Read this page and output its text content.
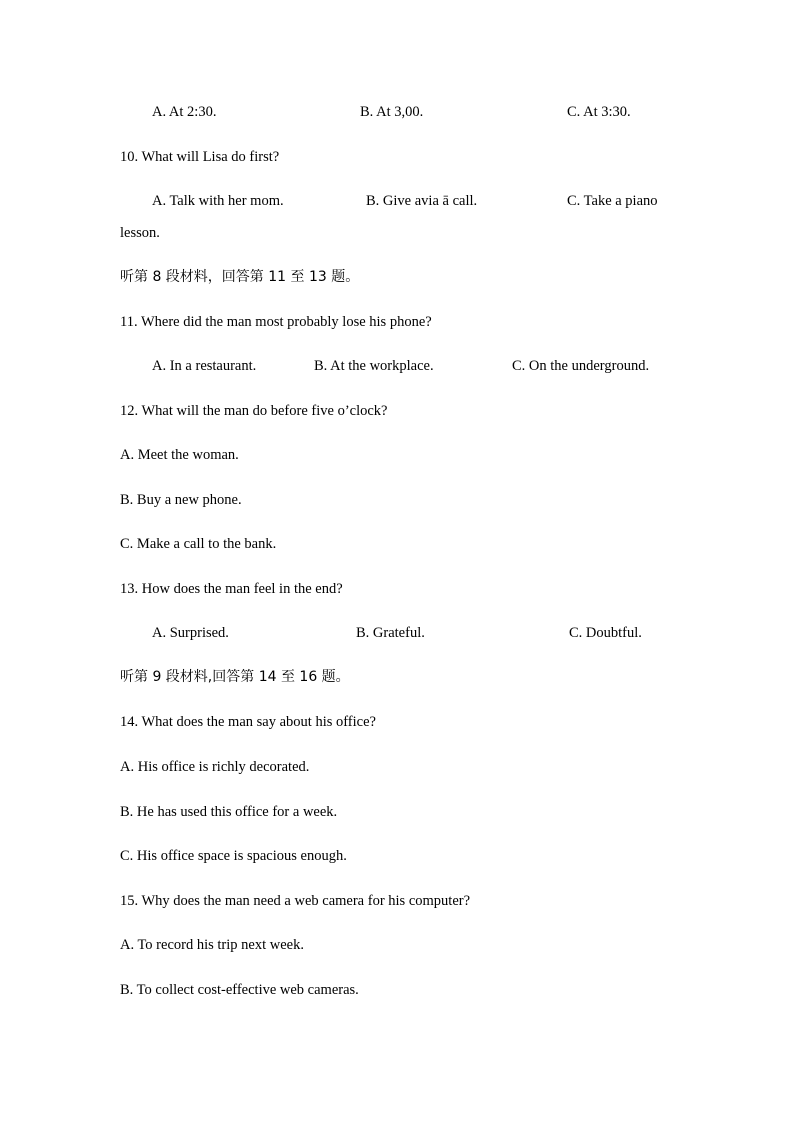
A. At 2:30.	B. At 3,00.	C. At 3:30.
10. What will Lisa do first?
A. Talk with her mom.	B. Give avia ā call.	C. Take a piano
lesson.
听第 8 段材料，回答第 11 至 13 题。
11. Where did the man most probably lose his phone?
A. In a restaurant.	B. At the workplace.	C. On the underground.
12. What will the man do before five o’clock?
A. Meet the woman.
B. Buy a new phone.
C. Make a call to the bank.
13. How does the man feel in the end?
A. Surprised.	B. Grateful.	C. Doubtful.
听第 9 段材料,回答第 14 至 16 题。
14. What does the man say about his office?
A. His office is richly decorated.
B. He has used this office for a week.
C. His office space is spacious enough.
15. Why does the man need a web camera for his computer?
A. To record his trip next week.
B. To collect cost-effective web cameras.
